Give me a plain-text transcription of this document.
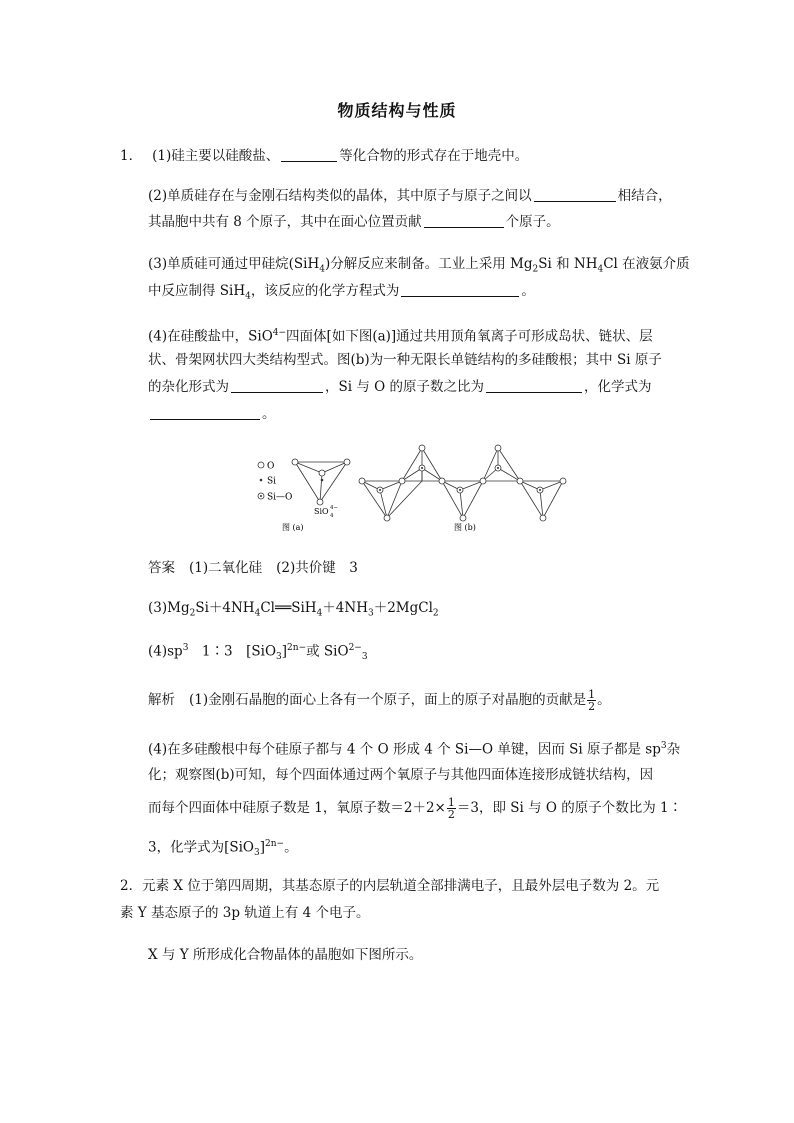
物质结构与性质
1． (1)硅主要以硅酸盐、	等化合物的形式存在于地壳中。
(2)单质硅存在与金刚石结构类似的晶体，其中原子与原子之间以	相结合，
其晶胞中共有 8 个原子，其中在面心位置贡献	个原子。
(3)单质硅可通过甲硅烷(SiH$_4$)分解反应来制备。工业上采用 $Mg_2Si$ 和 $NH_4Cl$ 在液氨介质
中反应制得 SiH$_4$，该反应的化学方程式为	。
(4)在硅酸盐中，SiO$^{4-}$四面体[如下图(a)]通过共用顶角氧离子可形成岛状、链状、层
状、骨架网状四大类结构型式。图(b)为一种无限长单链结构的多硅酸根；其中 Si 原子
的杂化形式为	，Si 与 O 的原子数之比为	，化学式为
。
O
Si
Si—O
SiO 4
4−
图 (a)	图 (b)
答案 (1)二氧化硅 (2)共价键　3
$(3)Mg_2Si+4NH_4Cl══SiH_4+4NH_3+2MgCl_2$
$(4)sp^3$　1∶3　$[SiO_3]^{2n-}$或 SiO$^{2-}_3$
解析 (1)金刚石晶胞的面心上各有一个原子，面上的原子对晶胞的贡献是 $\frac{1}{2}$ 。
(4)在多硅酸根中每个硅原子都与 4 个 O 形成 4 个 Si—O 单键，因而 Si 原子都是 $sp^3$杂
化；观察图(b)可知，每个四面体通过两个氧原子与其他四面体连接形成链状结构，因
而每个四面体中硅原子数是 1，氧原子数$=2+2\times \frac{1}{2} =3$，即 Si 与 O 的原子个数比为 1∶
3，化学式为$[SiO_3]^{2n-}$。
2．元素 X 位于第四周期，其基态原子的内层轨道全部排满电子，且最外层电子数为 2。元
素 Y 基态原子的 3p 轨道上有 4 个电子。
X 与 Y 所形成化合物晶体的晶胞如下图所示。
